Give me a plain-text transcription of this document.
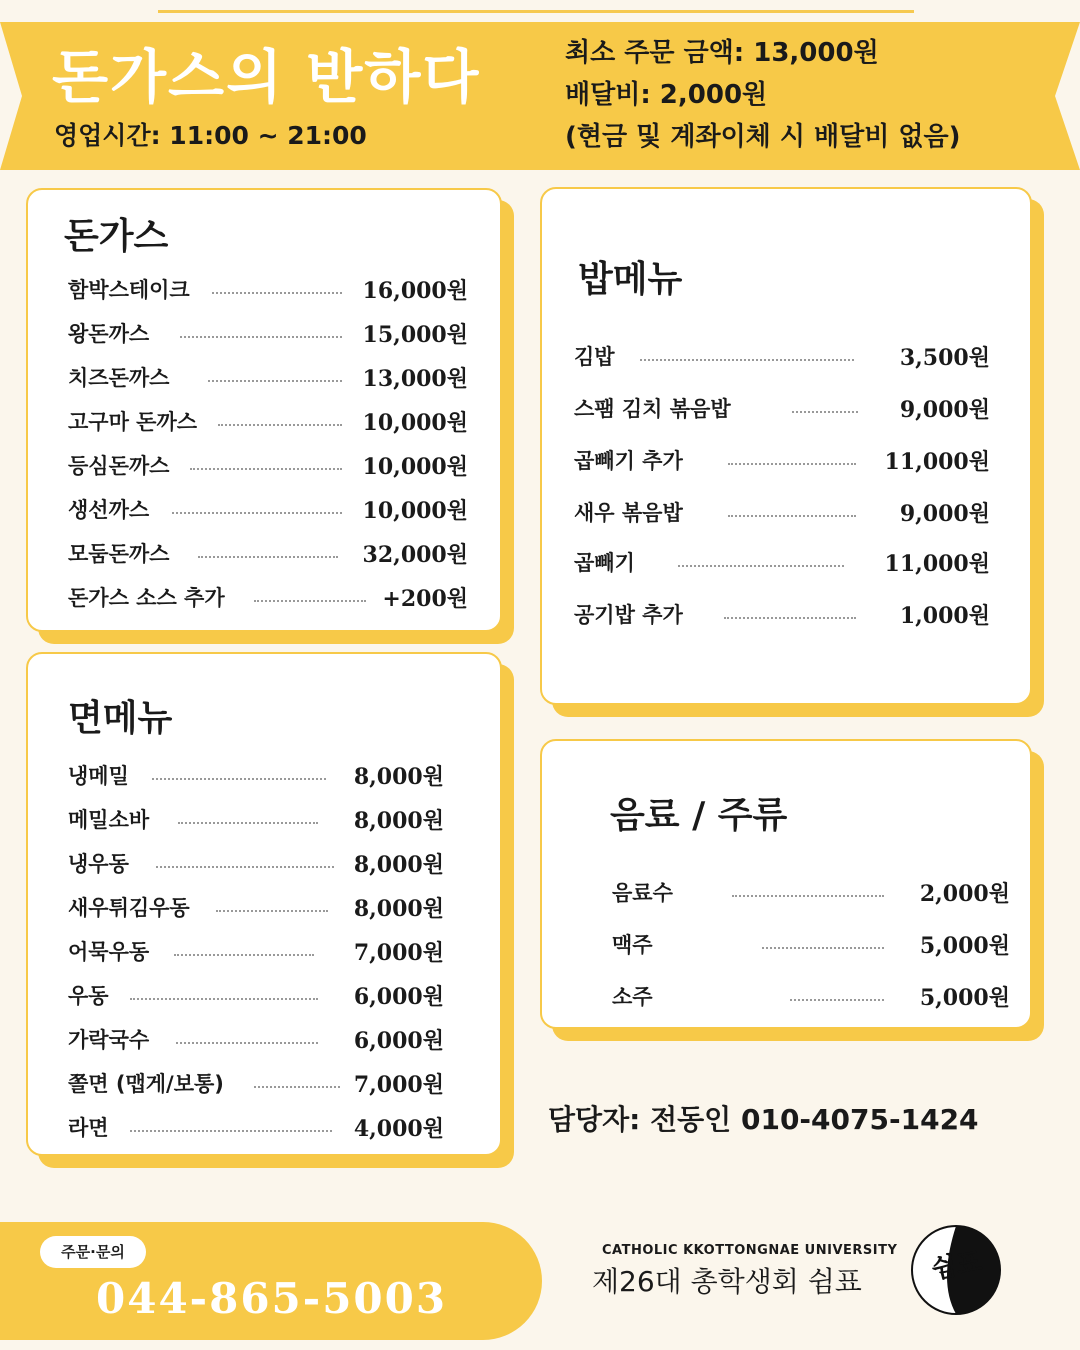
돈가스의 반하다
영업시간: 11:00 ~ 21:00
최소 주문 금액: 13,000원
배달비: 2,000원
(현금 및 계좌이체 시 배달비 없음)
돈가스
함박스테이크	16,000원
왕돈까스	15,000원
치즈돈까스	13,000원
고구마 돈까스	10,000원
등심돈까스	10,000원
생선까스	10,000원
모둠돈까스	32,000원
돈가스 소스 추가	+200원
면메뉴
냉메밀	8,000원
메밀소바	8,000원
냉우동	8,000원
새우튀김우동	8,000원
어묵우동	7,000원
우동	6,000원
가락국수	6,000원
쫄면 (맵게/보통)	7,000원
라면	4,000원
밥메뉴
김밥	3,500원
스팸 김치 볶음밥	9,000원
곱빼기 추가	11,000원
새우 볶음밥	9,000원
곱빼기	11,000원
공기밥 추가	1,000원
음료 / 주류
음료수	2,000원
맥주	5,000원
소주	5,000원
담당자: 전동인 010-4075-1424
주문·문의
044-865-5003
CATHOLIC KKOTTONGNAE UNIVERSITY
제26대 총학생회 쉼표	쉼표
